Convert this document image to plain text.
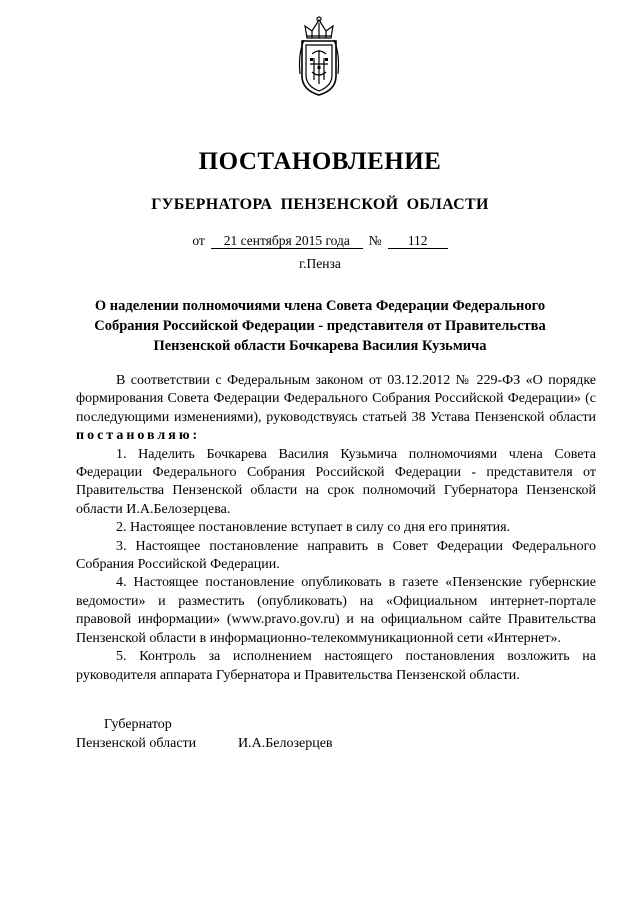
ПОСТАНОВЛЕНИЕ
ГУБЕРНАТОРА ПЕНЗЕНСКОЙ ОБЛАСТИ
от 21 сентября 2015 года № 112
г.Пенза
О наделении полномочиями члена Совета Федерации Федерального
Собрания Российской Федерации - представителя от Правительства
Пензенской области Бочкарева Василия Кузьмича

В соответствии с Федеральным законом от 03.12.2012 № 229-ФЗ «О порядке формирования Совета Федерации Федерального Собрания Российской Федерации» (с последующими изменениями), руководствуясь статьей 38 Устава Пензенской области постановляю:

1. Наделить Бочкарева Василия Кузьмича полномочиями члена Совета Федерации Федерального Собрания Российской Федерации - представителя от Правительства Пензенской области на срок полномочий Губернатора Пензенской области И.А.Белозерцева.

2. Настоящее постановление вступает в силу со дня его принятия.

3. Настоящее постановление направить в Совет Федерации Федерального Собрания Российской Федерации.

4. Настоящее постановление опубликовать в газете «Пензенские губернские ведомости» и разместить (опубликовать) на «Официальном интернет-портале правовой информации» (www.pravo.gov.ru) и на официальном сайте Правительства Пензенской области в информационно-телекоммуникационной сети «Интернет».

5. Контроль за исполнением настоящего постановления возложить на руководителя аппарата Губернатора и Правительства Пензенской области.

Губернатор
Пензенской области	И.А.Белозерцев
